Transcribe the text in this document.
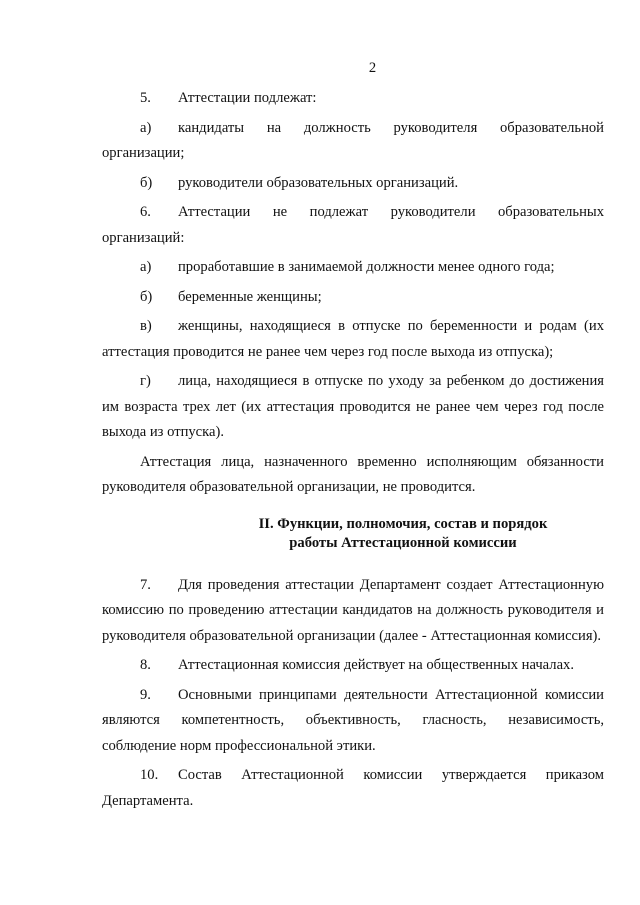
2

5. Аттестации подлежат:

а) кандидаты на должность руководителя образовательной организации;

б) руководители образовательных организаций.

6. Аттестации не подлежат руководители образовательных организаций:

а) проработавшие в занимаемой должности менее одного года;

б) беременные женщины;

в) женщины, находящиеся в отпуске по беременности и родам (их аттестация проводится не ранее чем через год после выхода из отпуска);

г) лица, находящиеся в отпуске по уходу за ребенком до достижения им возраста трех лет (их аттестация проводится не ранее чем через год после выхода из отпуска).

Аттестация лица, назначенного временно исполняющим обязанности руководителя образовательной организации, не проводится.

II. Функции, полномочия, состав и порядок

работы Аттестационной комиссии

7. Для проведения аттестации Департамент создает Аттестационную комиссию по проведению аттестации кандидатов на должность руководителя и руководителя образовательной организации (далее - Аттестационная комиссия).

8. Аттестационная комиссия действует на общественных началах.

9. Основными принципами деятельности Аттестационной комиссии являются компетентность, объективность, гласность, независимость, соблюдение норм профессиональной этики.

10. Состав Аттестационной комиссии утверждается приказом Департамента.
